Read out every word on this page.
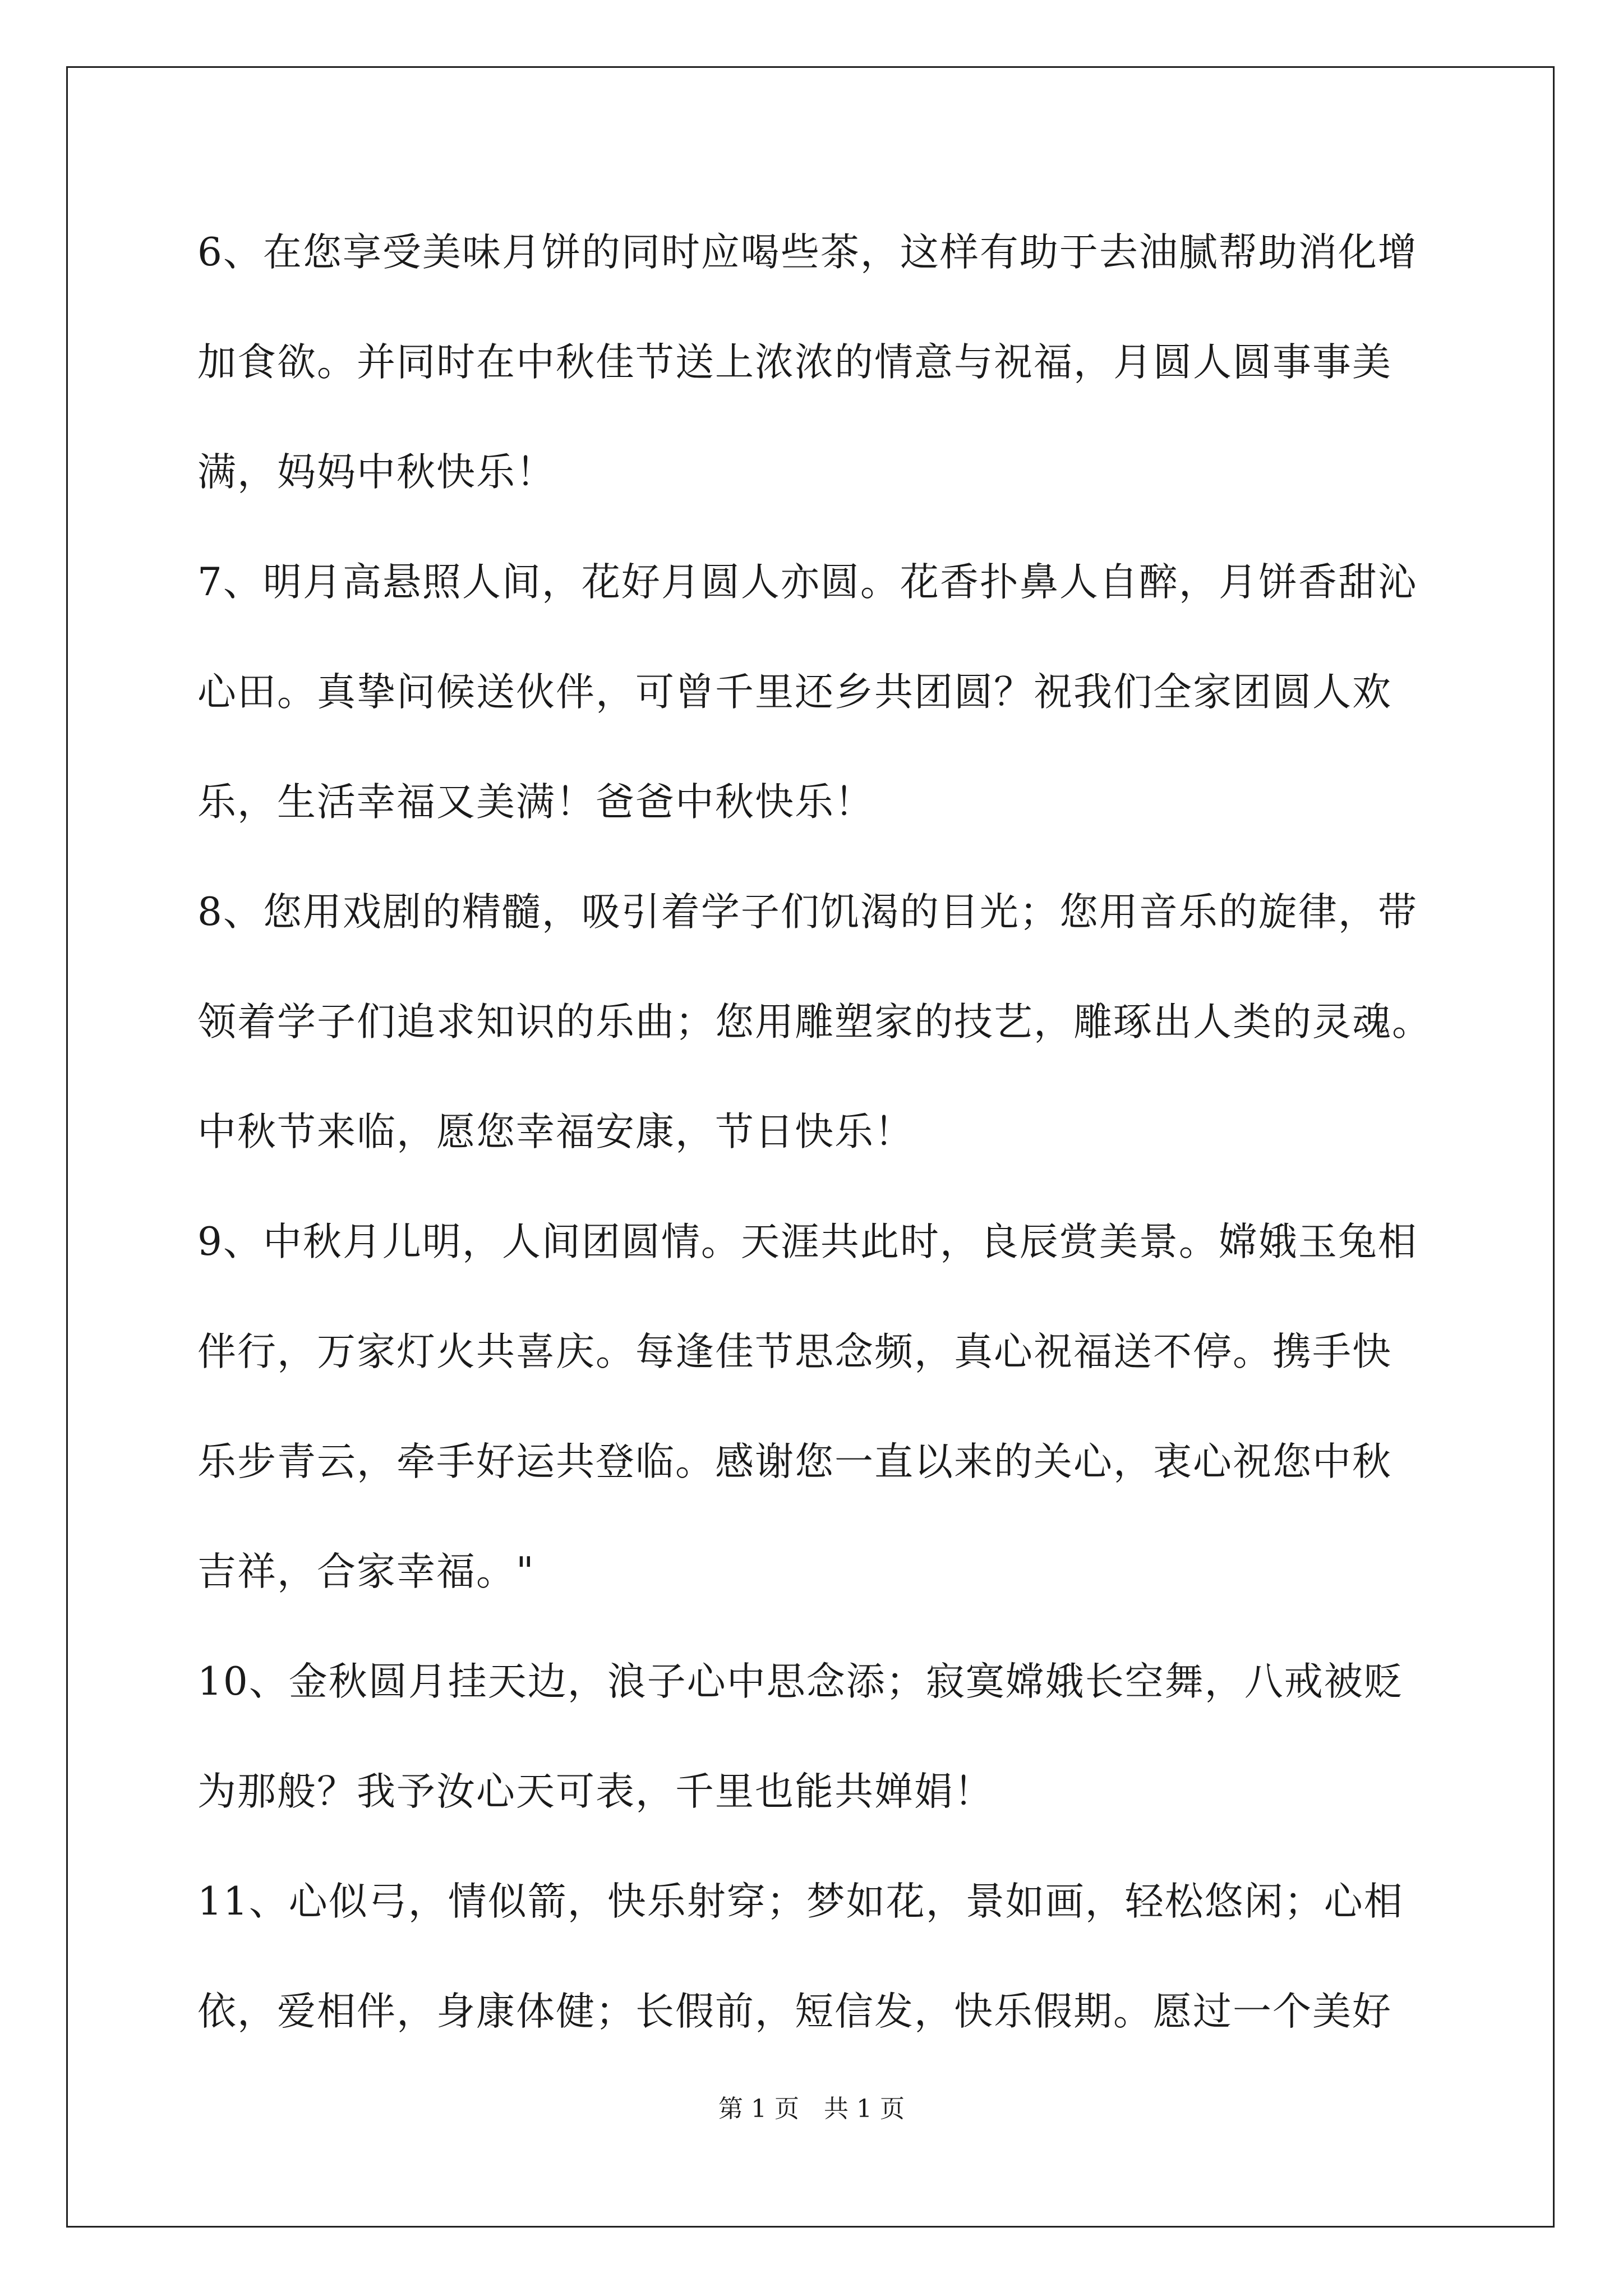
6、在您享受美味月饼的同时应喝些茶，这样有助于去油腻帮助消化增
加食欲。并同时在中秋佳节送上浓浓的情意与祝福，月圆人圆事事美
满，妈妈中秋快乐！
7、明月高悬照人间，花好月圆人亦圆。花香扑鼻人自醉，月饼香甜沁
心田。真挚问候送伙伴，可曾千里还乡共团圆？祝我们全家团圆人欢
乐，生活幸福又美满！爸爸中秋快乐！
8、您用戏剧的精髓，吸引着学子们饥渴的目光；您用音乐的旋律，带
领着学子们追求知识的乐曲；您用雕塑家的技艺，雕琢出人类的灵魂。
中秋节来临，愿您幸福安康，节日快乐！
9、中秋月儿明，人间团圆情。天涯共此时，良辰赏美景。嫦娥玉兔相
伴行，万家灯火共喜庆。每逢佳节思念频，真心祝福送不停。携手快
乐步青云，牵手好运共登临。感谢您一直以来的关心，衷心祝您中秋
吉祥，合家幸福。"
10、金秋圆月挂天边，浪子心中思念添；寂寞嫦娥长空舞，八戒被贬
为那般？我予汝心天可表，千里也能共婵娟！
11、心似弓，情似箭，快乐射穿；梦如花，景如画，轻松悠闲；心相
依，爱相伴，身康体健；长假前，短信发，快乐假期。愿过一个美好
第 1 页　共 1 页
